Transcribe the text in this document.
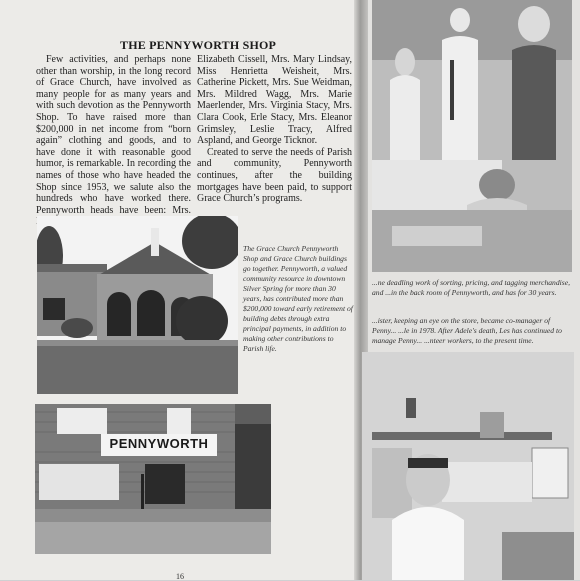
THE PENNYWORTH SHOP

Few activities, and perhaps none other than worship, in the long record of Grace Church, have involved as many people for as many years and with such devotion as the Pennyworth Shop. To have raised more than $200,000 in net income from “born again” clothing and goods, and to have done it with reasonable good humor, is remarkable. In recording the names of those who have headed the Shop since 1953, we salute also the hundreds who have worked there. Pennyworth heads have been: Mrs.

Elizabeth Cissell, Mrs. Mary Lindsay, Miss Henrietta Weisheit, Mrs. Catherine Pickett, Mrs. Sue Weidman, Mrs. Mildred Wagg, Mrs. Marie Maerlender, Mrs. Virginia Stacy, Mrs. Clara Cook, Erle Stacy, Mrs. Eleanor Grimsley, Leslie Tracy, Alfred Aspland, and George Ticknor.

Created to serve the needs of Parish and community, Pennyworth continues, after the building mortgages have been paid, to support Grace Church’s programs.

The Grace Church Pennyworth Shop and Grace Church buildings go together. Pennyworth, a valued community resource in downtown Silver Spring for more than 30 years, has contributed more than $200,000 toward early retirement of building debts through extra principal payments, in addition to making other contributions to Parish life.
PENNYWORTH
...ne deadling work of sorting, pricing, and tagging merchandise, and ...in the back room of Pennyworth, and has for 30 years.
...ister, keeping an eye on the store, became co-manager of Penny... ...le in 1978. After Adele's death, Les has continued to manage Penny... ...nteer workers, to the present time.
16
